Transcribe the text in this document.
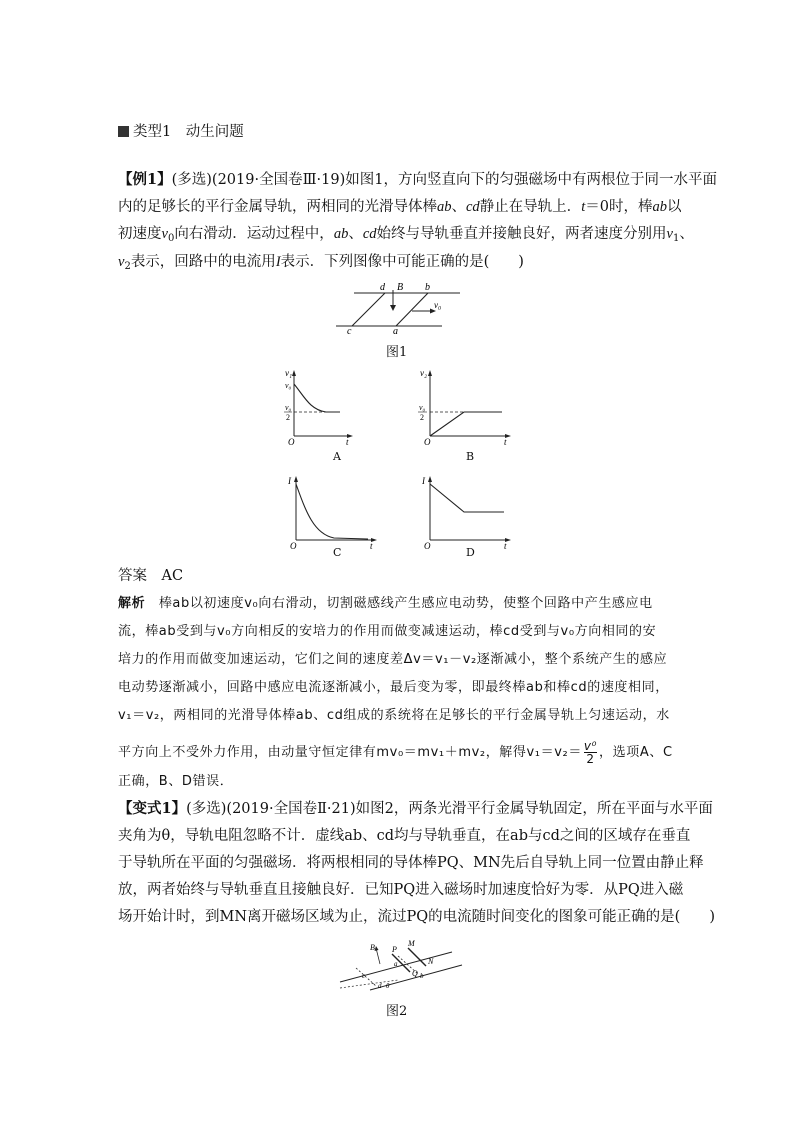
类型1　动生问题
【例1】(多选)(2019·全国卷Ⅲ·19)如图1，方向竖直向下的匀强磁场中有两根位于同一水平面
内的足够长的平行金属导轨，两相同的光滑导体棒ab、cd静止在导轨上．t＝0时，棒ab以
初速度$v_0$向右滑动．运动过程中，ab、cd始终与导轨垂直并接触良好，两者速度分别用$v_1$、
$v_2$表示，回路中的电流用I表示．下列图像中可能正确的是(　　)
d B b
v₀
c	a
图1
v₁
v₀
v₀
2
O	t
A
v₂
v₀
2
O	t
B
I
O	t
C
I
O	t
D
答案　 AC
解析　 棒ab以初速度v₀向右滑动，切割磁感线产生感应电动势，使整个回路中产生感应电
流，棒ab受到与v₀方向相反的安培力的作用而做变减速运动，棒cd受到与v₀方向相同的安
培力的作用而做变加速运动，它们之间的速度差Δv＝v₁－v₂逐渐减小，整个系统产生的感应
电动势逐渐减小，回路中感应电流逐渐减小，最后变为零，即最终棒ab和棒cd的速度相同，
v₁＝v₂，两相同的光滑导体棒ab、cd组成的系统将在足够长的平行金属导轨上匀速运动，水
平方向上不受外力作用，由动量守恒定律有mv₀＝mv₁＋mv₂，解得$v_1=v_2= \frac{\text{v⁰}}{2}$ ，选项A、C
正确，B、D错误．
【变式1】(多选)(2019·全国卷Ⅱ·21)如图2，两条光滑平行金属导轨固定，所在平面与水平面
夹角为θ，导轨电阻忽略不计．虚线ab、cd均与导轨垂直，在ab与cd之间的区域存在垂直
于导轨所在平面的匀强磁场．将两根相同的导体棒PQ、MN先后自导轨上同一位置由静止释
放，两者始终与导轨垂直且接触良好．已知PQ进入磁场时加速度恰好为零．从PQ进入磁
场开始计时，到MN离开磁场区域为止，流过PQ的电流随时间变化的图象可能正确的是(　　)
B P
M
N
Q
a
b
c
d θ
图2
